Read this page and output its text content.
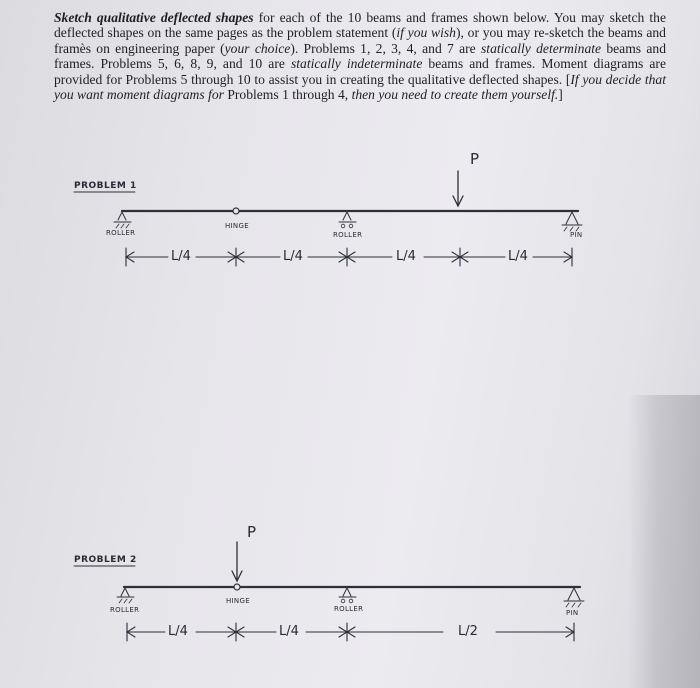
Sketch qualitative deflected shapes for each of the 10 beams and frames shown below. You may sketch the deflected shapes on the same pages as the problem statement (if you wish), or you may re-sketch the beams and framès on engineering paper (your choice). Problems 1, 2, 3, 4, and 7 are statically determinate beams and frames. Problems 5, 6, 8, 9, and 10 are statically indeterminate beams and frames. Moment diagrams are provided for Problems 5 through 10 to assist you in creating the qualitative deflected shapes. [If you decide that you want moment diagrams for Problems 1 through 4, then you need to create them yourself.]
PROBLEM 1
P
ROLLER
HINGE
ROLLER	PIN
L/4	L/4	L/4	L/4
PROBLEM 2
P
HINGE
ROLLER	ROLLER	PIN
L/4	L/4	L/2
